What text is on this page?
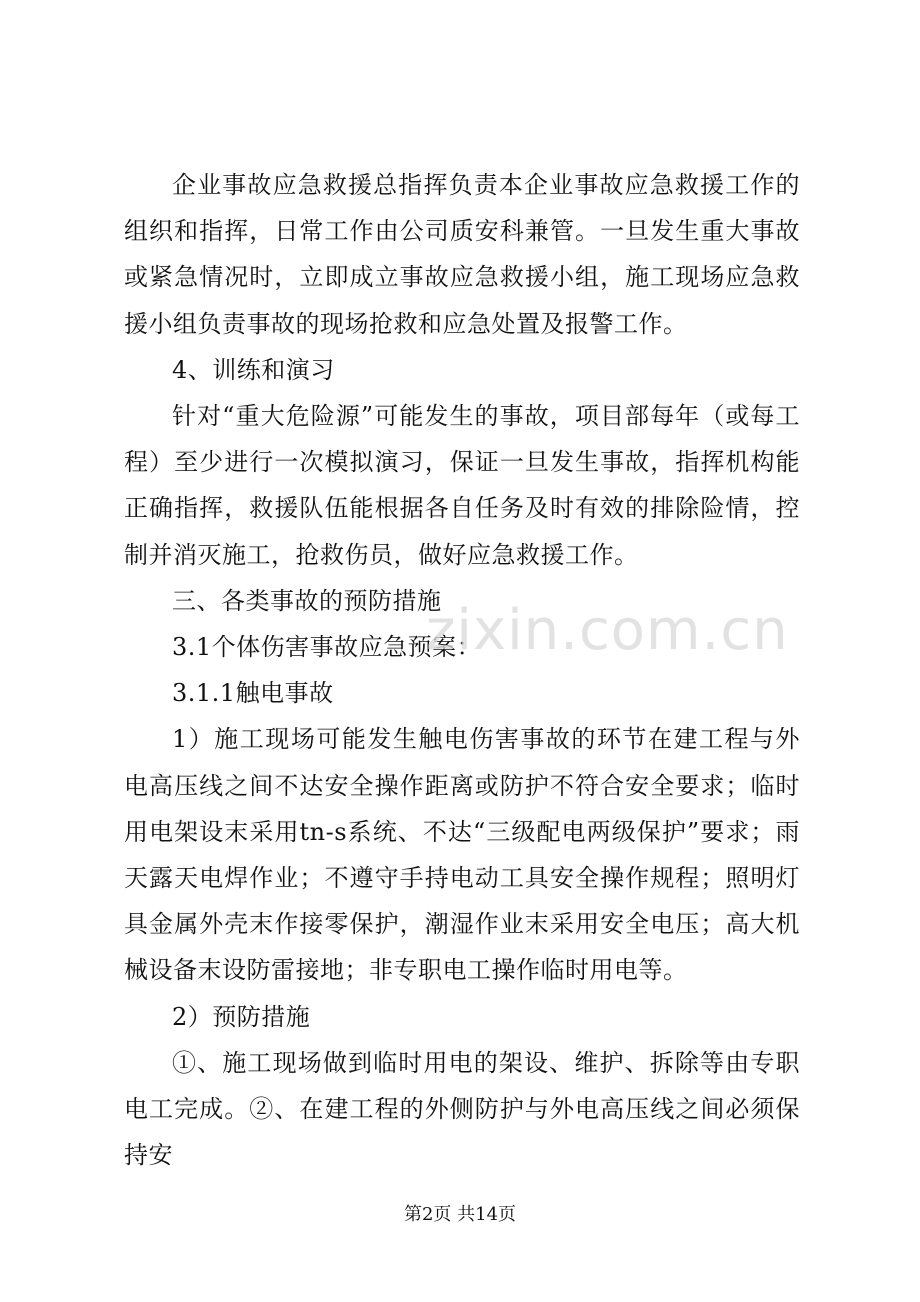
企业事故应急救援总指挥负责本企业事故应急救援工作的组织和指挥，日常工作由公司质安科兼管。一旦发生重大事故或紧急情况时，立即成立事故应急救援小组，施工现场应急救援小组负责事故的现场抢救和应急处置及报警工作。

4、训练和演习

针对“重大危险源”可能发生的事故，项目部每年（或每工程）至少进行一次模拟演习，保证一旦发生事故，指挥机构能正确指挥，救援队伍能根据各自任务及时有效的排除险情，控制并消灭施工，抢救伤员，做好应急救援工作。

三、各类事故的预防措施

3.1个体伤害事故应急预案：

3.1.1触电事故

1）施工现场可能发生触电伤害事故的环节在建工程与外电高压线之间不达安全操作距离或防护不符合安全要求；临时用电架设末采用tn-s系统、不达“三级配电两级保护”要求；雨天露天电焊作业；不遵守手持电动工具安全操作规程；照明灯具金属外壳末作接零保护，潮湿作业末采用安全电压；高大机械设备末设防雷接地；非专职电工操作临时用电等。

2）预防措施

①、施工现场做到临时用电的架设、维护、拆除等由专职电工完成。②、在建工程的外侧防护与外电高压线之间必须保持安

zixin.com.cn
第2页 共14页
